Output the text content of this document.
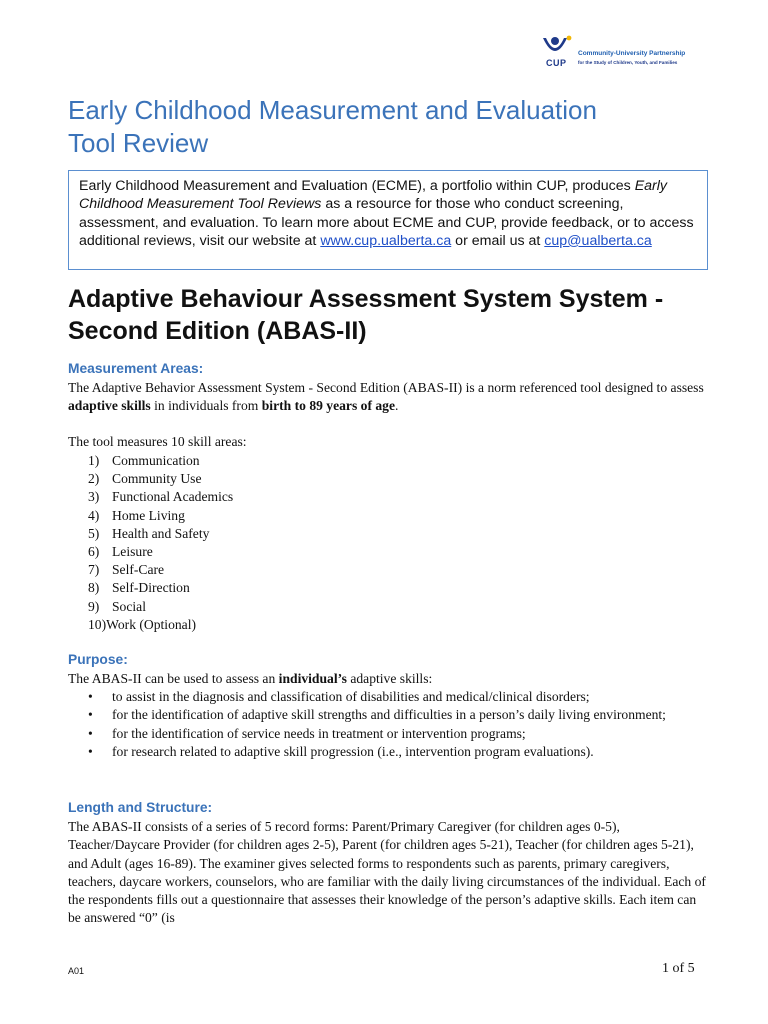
CUP
Community-University Partnership
for the Study of Children, Youth, and Families
Early Childhood Measurement and Evaluation
Tool Review
Early Childhood Measurement and Evaluation (ECME), a portfolio within CUP, produces Early Childhood Measurement Tool Reviews as a resource for those who conduct screening, assessment, and evaluation. To learn more about ECME and CUP, provide feedback, or to access additional reviews, visit our website at www.cup.ualberta.ca or email us at cup@ualberta.ca
Adaptive Behaviour Assessment System System -
Second Edition (ABAS-II)
Measurement Areas:

The Adaptive Behavior Assessment System - Second Edition (ABAS-II) is a norm referenced tool designed to assess adaptive skills in individuals from birth to 89 years of age.

The tool measures 10 skill areas:
1) Communication
2) Community Use
3) Functional Academics
4) Home Living
5) Health and Safety
6) Leisure
7) Self-Care
8) Self-Direction
9) Social
10)Work (Optional)
Purpose:

The ABAS-II can be used to assess an individual’s adaptive skills:

• to assist in the diagnosis and classification of disabilities and medical/clinical disorders;
• for the identification of adaptive skill strengths and difficulties in a person’s daily living environment;
• for the identification of service needs in treatment or intervention programs;
• for research related to adaptive skill progression (i.e., intervention program evaluations).
Length and Structure:
The ABAS-II consists of a series of 5 record forms: Parent/Primary Caregiver (for children ages 0-5), Teacher/Daycare Provider (for children ages 2-5), Parent (for children ages 5-21), Teacher (for children ages 5-21), and Adult (ages 16-89). The examiner gives selected forms to respondents such as parents, primary caregivers, teachers, daycare workers, counselors, who are familiar with the daily living circumstances of the individual. Each of the respondents fills out a questionnaire that assesses their knowledge of the person’s adaptive skills. Each item can be answered “0” (is
A01	1 of 5
